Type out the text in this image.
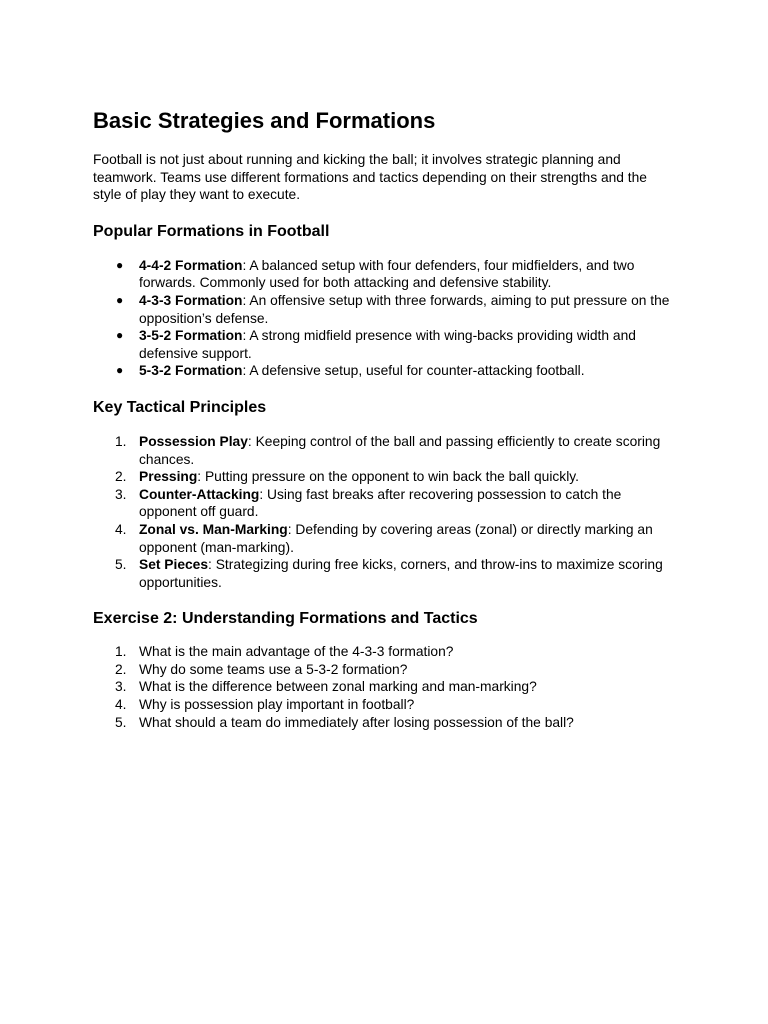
Basic Strategies and Formations

Football is not just about running and kicking the ball; it involves strategic planning and teamwork. Teams use different formations and tactics depending on their strengths and the style of play they want to execute.

Popular Formations in Football
● 4-4-2 Formation: A balanced setup with four defenders, four midfielders, and two forwards. Commonly used for both attacking and defensive stability.
● 4-3-3 Formation: An offensive setup with three forwards, aiming to put pressure on the opposition’s defense.
● 3-5-2 Formation: A strong midfield presence with wing-backs providing width and defensive support.
● 5-3-2 Formation: A defensive setup, useful for counter-attacking football.
Key Tactical Principles
1. Possession Play: Keeping control of the ball and passing efficiently to create scoring chances.
2. Pressing: Putting pressure on the opponent to win back the ball quickly.
3. Counter-Attacking: Using fast breaks after recovering possession to catch the opponent off guard.
4. Zonal vs. Man-Marking: Defending by covering areas (zonal) or directly marking an opponent (man-marking).
5. Set Pieces: Strategizing during free kicks, corners, and throw-ins to maximize scoring opportunities.
Exercise 2: Understanding Formations and Tactics
1. What is the main advantage of the 4-3-3 formation?
2. Why do some teams use a 5-3-2 formation?
3. What is the difference between zonal marking and man-marking?
4. Why is possession play important in football?
5. What should a team do immediately after losing possession of the ball?
